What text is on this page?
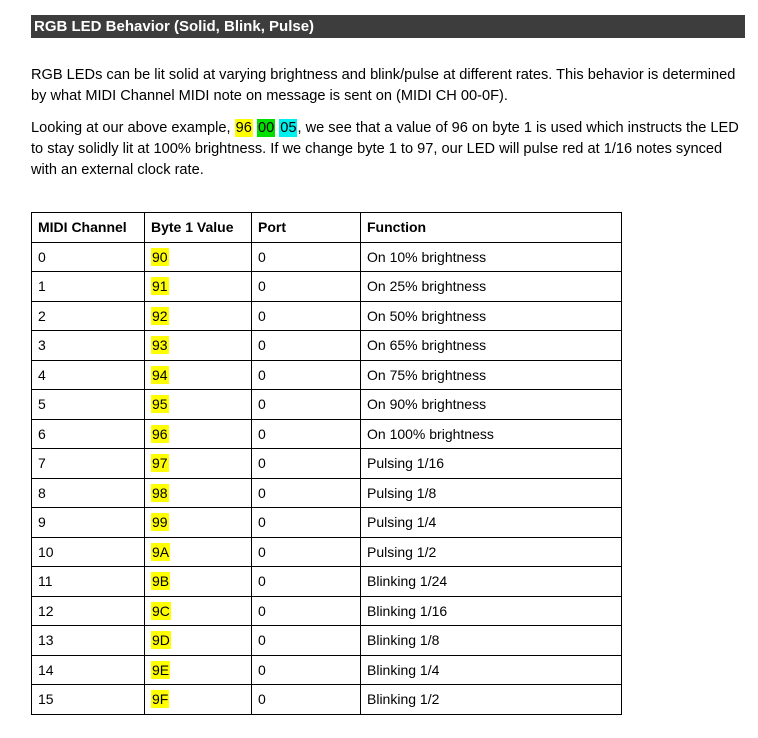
RGB LED Behavior (Solid, Blink, Pulse)

RGB LEDs can be lit solid at varying brightness and blink/pulse at different rates. This behavior is determined by what MIDI Channel MIDI note on message is sent on (MIDI CH 00-0F).

Looking at our above example, 96 00 05, we see that a value of 96 on byte 1 is used which instructs the LED to stay solidly lit at 100% brightness. If we change byte 1 to 97, our LED will pulse red at 1/16 notes synced with an external clock rate.

MIDI Channel	Byte 1 Value	Port	Function
0	90	0	On 10% brightness
1	91	0	On 25% brightness
2	92	0	On 50% brightness
3	93	0	On 65% brightness
4	94	0	On 75% brightness
5	95	0	On 90% brightness
6	96	0	On 100% brightness
7	97	0	Pulsing 1/16
8	98	0	Pulsing 1/8
9	99	0	Pulsing 1/4
10	9A	0	Pulsing 1/2
11	9B	0	Blinking 1/24
12	9C	0	Blinking 1/16
13	9D	0	Blinking 1/8
14	9E	0	Blinking 1/4
15	9F	0	Blinking 1/2
